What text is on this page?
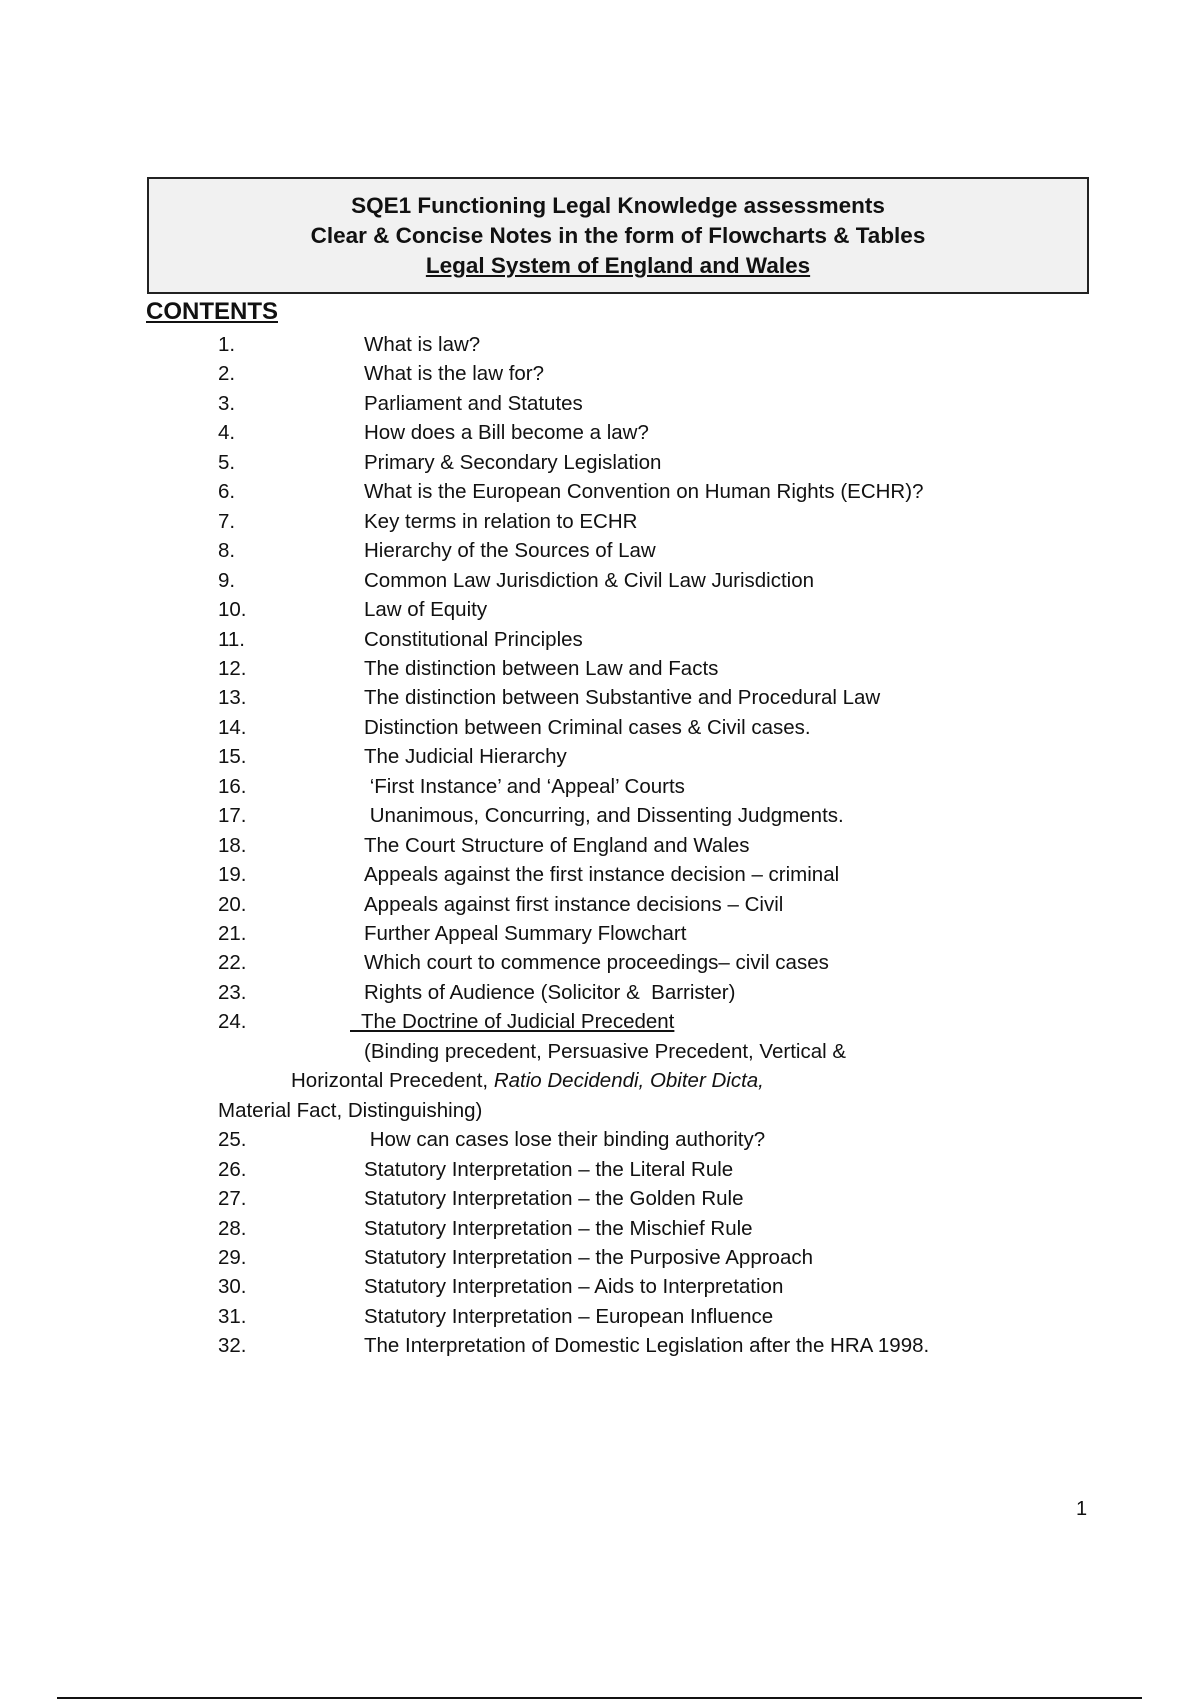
SQE1 Functioning Legal Knowledge assessments
Clear & Concise Notes in the form of Flowcharts & Tables
Legal System of England and Wales
CONTENTS
1.	What is law?
2.	What is the law for?
3.	Parliament and Statutes
4.	How does a Bill become a law?
5.	Primary & Secondary Legislation
6.	What is the European Convention on Human Rights (ECHR)?
7.	Key terms in relation to ECHR
8.	Hierarchy of the Sources of Law
9.	Common Law Jurisdiction & Civil Law Jurisdiction
10.	Law of Equity
11.	Constitutional Principles
12.	The distinction between Law and Facts
13.	The distinction between Substantive and Procedural Law
14.	Distinction between Criminal cases & Civil cases.
15.	The Judicial Hierarchy
16.	‘First Instance’ and ‘Appeal’ Courts
17.	Unanimous, Concurring, and Dissenting Judgments.
18.	The Court Structure of England and Wales
19.	Appeals against the first instance decision – criminal
20.	Appeals against first instance decisions – Civil
21.	Further Appeal Summary Flowchart
22.	Which court to commence proceedings– civil cases
23.	Rights of Audience (Solicitor &  Barrister)
24.	The Doctrine of Judicial Precedent
(Binding precedent, Persuasive Precedent, Vertical &
Horizontal Precedent, Ratio Decidendi, Obiter Dicta,
Material Fact, Distinguishing)
25.	How can cases lose their binding authority?
26.	Statutory Interpretation – the Literal Rule
27.	Statutory Interpretation – the Golden Rule
28.	Statutory Interpretation – the Mischief Rule
29.	Statutory Interpretation – the Purposive Approach
30.	Statutory Interpretation – Aids to Interpretation
31.	Statutory Interpretation – European Influence
32.	The Interpretation of Domestic Legislation after the HRA 1998.
1
